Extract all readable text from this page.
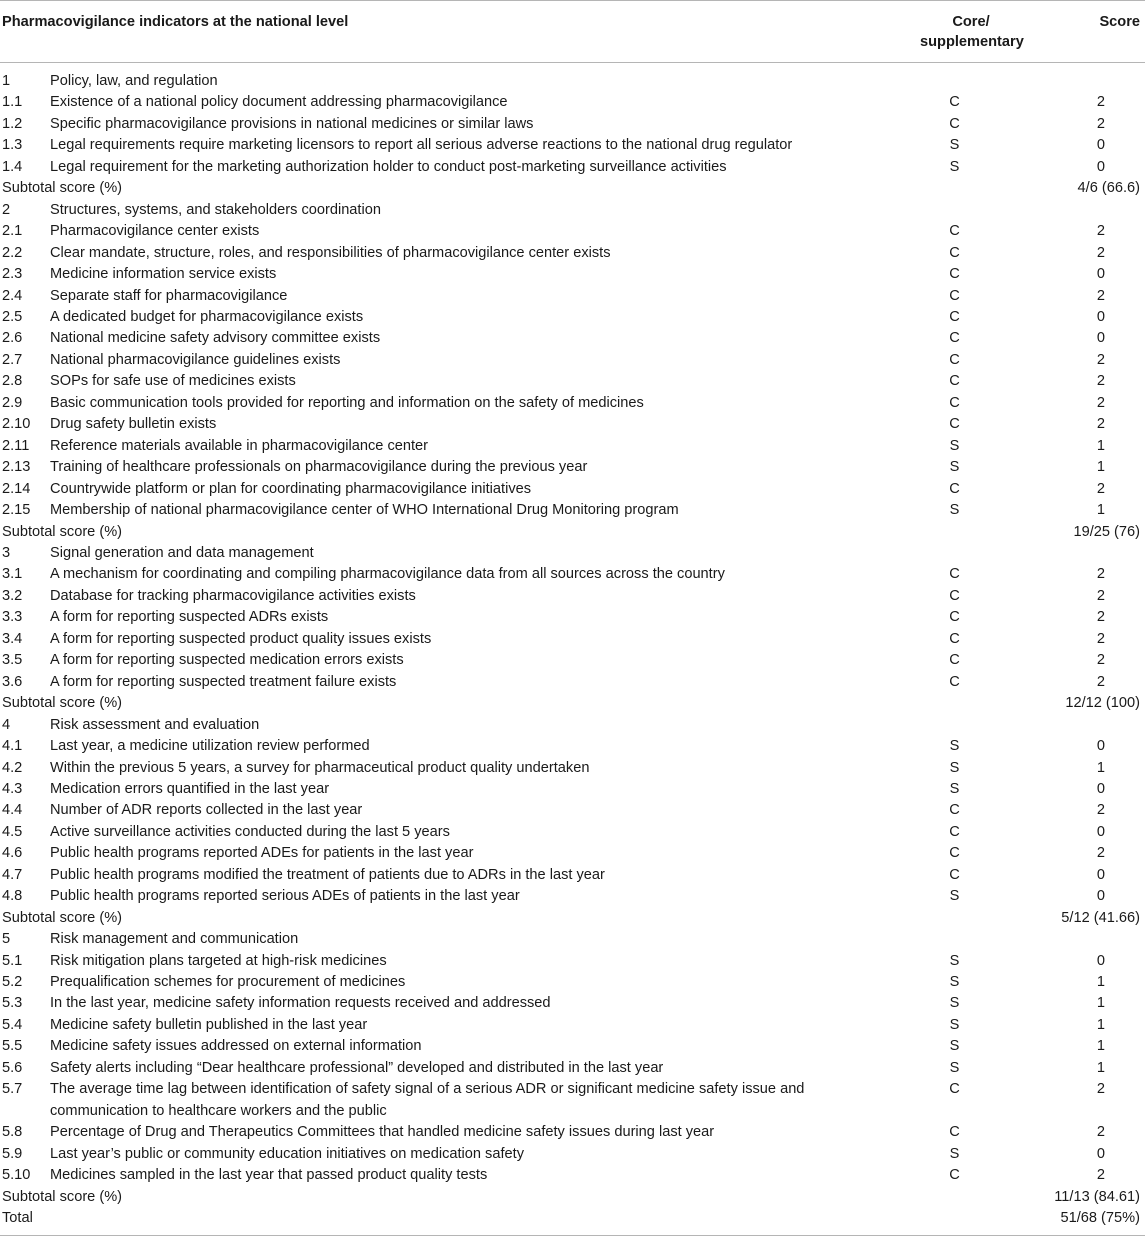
Pharmacovigilance indicators at the national level		Core/ supplementary	Score
1	Policy, law, and regulation		
1.1	Existence of a national policy document addressing pharmacovigilance	C	2
1.2	Specific pharmacovigilance provisions in national medicines or similar laws	C	2
1.3	Legal requirements require marketing licensors to report all serious adverse reactions to the national drug regulator	S	0
1.4	Legal requirement for the marketing authorization holder to conduct post-marketing surveillance activities	S	0
Subtotal score (%)			4/6 (66.6)
2	Structures, systems, and stakeholders coordination		
2.1	Pharmacovigilance center exists	C	2
2.2	Clear mandate, structure, roles, and responsibilities of pharmacovigilance center exists	C	2
2.3	Medicine information service exists	C	0
2.4	Separate staff for pharmacovigilance	C	2
2.5	A dedicated budget for pharmacovigilance exists	C	0
2.6	National medicine safety advisory committee exists	C	0
2.7	National pharmacovigilance guidelines exists	C	2
2.8	SOPs for safe use of medicines exists	C	2
2.9	Basic communication tools provided for reporting and information on the safety of medicines	C	2
2.10	Drug safety bulletin exists	C	2
2.11	Reference materials available in pharmacovigilance center	S	1
2.13	Training of healthcare professionals on pharmacovigilance during the previous year	S	1
2.14	Countrywide platform or plan for coordinating pharmacovigilance initiatives	C	2
2.15	Membership of national pharmacovigilance center of WHO International Drug Monitoring program	S	1
Subtotal score (%)			19/25 (76)
3	Signal generation and data management		
3.1	A mechanism for coordinating and compiling pharmacovigilance data from all sources across the country	C	2
3.2	Database for tracking pharmacovigilance activities exists	C	2
3.3	A form for reporting suspected ADRs exists	C	2
3.4	A form for reporting suspected product quality issues exists	C	2
3.5	A form for reporting suspected medication errors exists	C	2
3.6	A form for reporting suspected treatment failure exists	C	2
Subtotal score (%)			12/12 (100)
4	Risk assessment and evaluation		
4.1	Last year, a medicine utilization review performed	S	0
4.2	Within the previous 5 years, a survey for pharmaceutical product quality undertaken	S	1
4.3	Medication errors quantified in the last year	S	0
4.4	Number of ADR reports collected in the last year	C	2
4.5	Active surveillance activities conducted during the last 5 years	C	0
4.6	Public health programs reported ADEs for patients in the last year	C	2
4.7	Public health programs modified the treatment of patients due to ADRs in the last year	C	0
4.8	Public health programs reported serious ADEs of patients in the last year	S	0
Subtotal score (%)			5/12 (41.66)
5	Risk management and communication		
5.1	Risk mitigation plans targeted at high-risk medicines	S	0
5.2	Prequalification schemes for procurement of medicines	S	1
5.3	In the last year, medicine safety information requests received and addressed	S	1
5.4	Medicine safety bulletin published in the last year	S	1
5.5	Medicine safety issues addressed on external information	S	1
5.6	Safety alerts including “Dear healthcare professional” developed and distributed in the last year	S	1
5.7	The average time lag between identification of safety signal of a serious ADR or significant medicine safety issue and communication to healthcare workers and the public	C	2
5.8	Percentage of Drug and Therapeutics Committees that handled medicine safety issues during last year	C	2
5.9	Last year’s public or community education initiatives on medication safety	S	0
5.10	Medicines sampled in the last year that passed product quality tests	C	2
Subtotal score (%)			11/13 (84.61)
Total			51/68 (75%)
